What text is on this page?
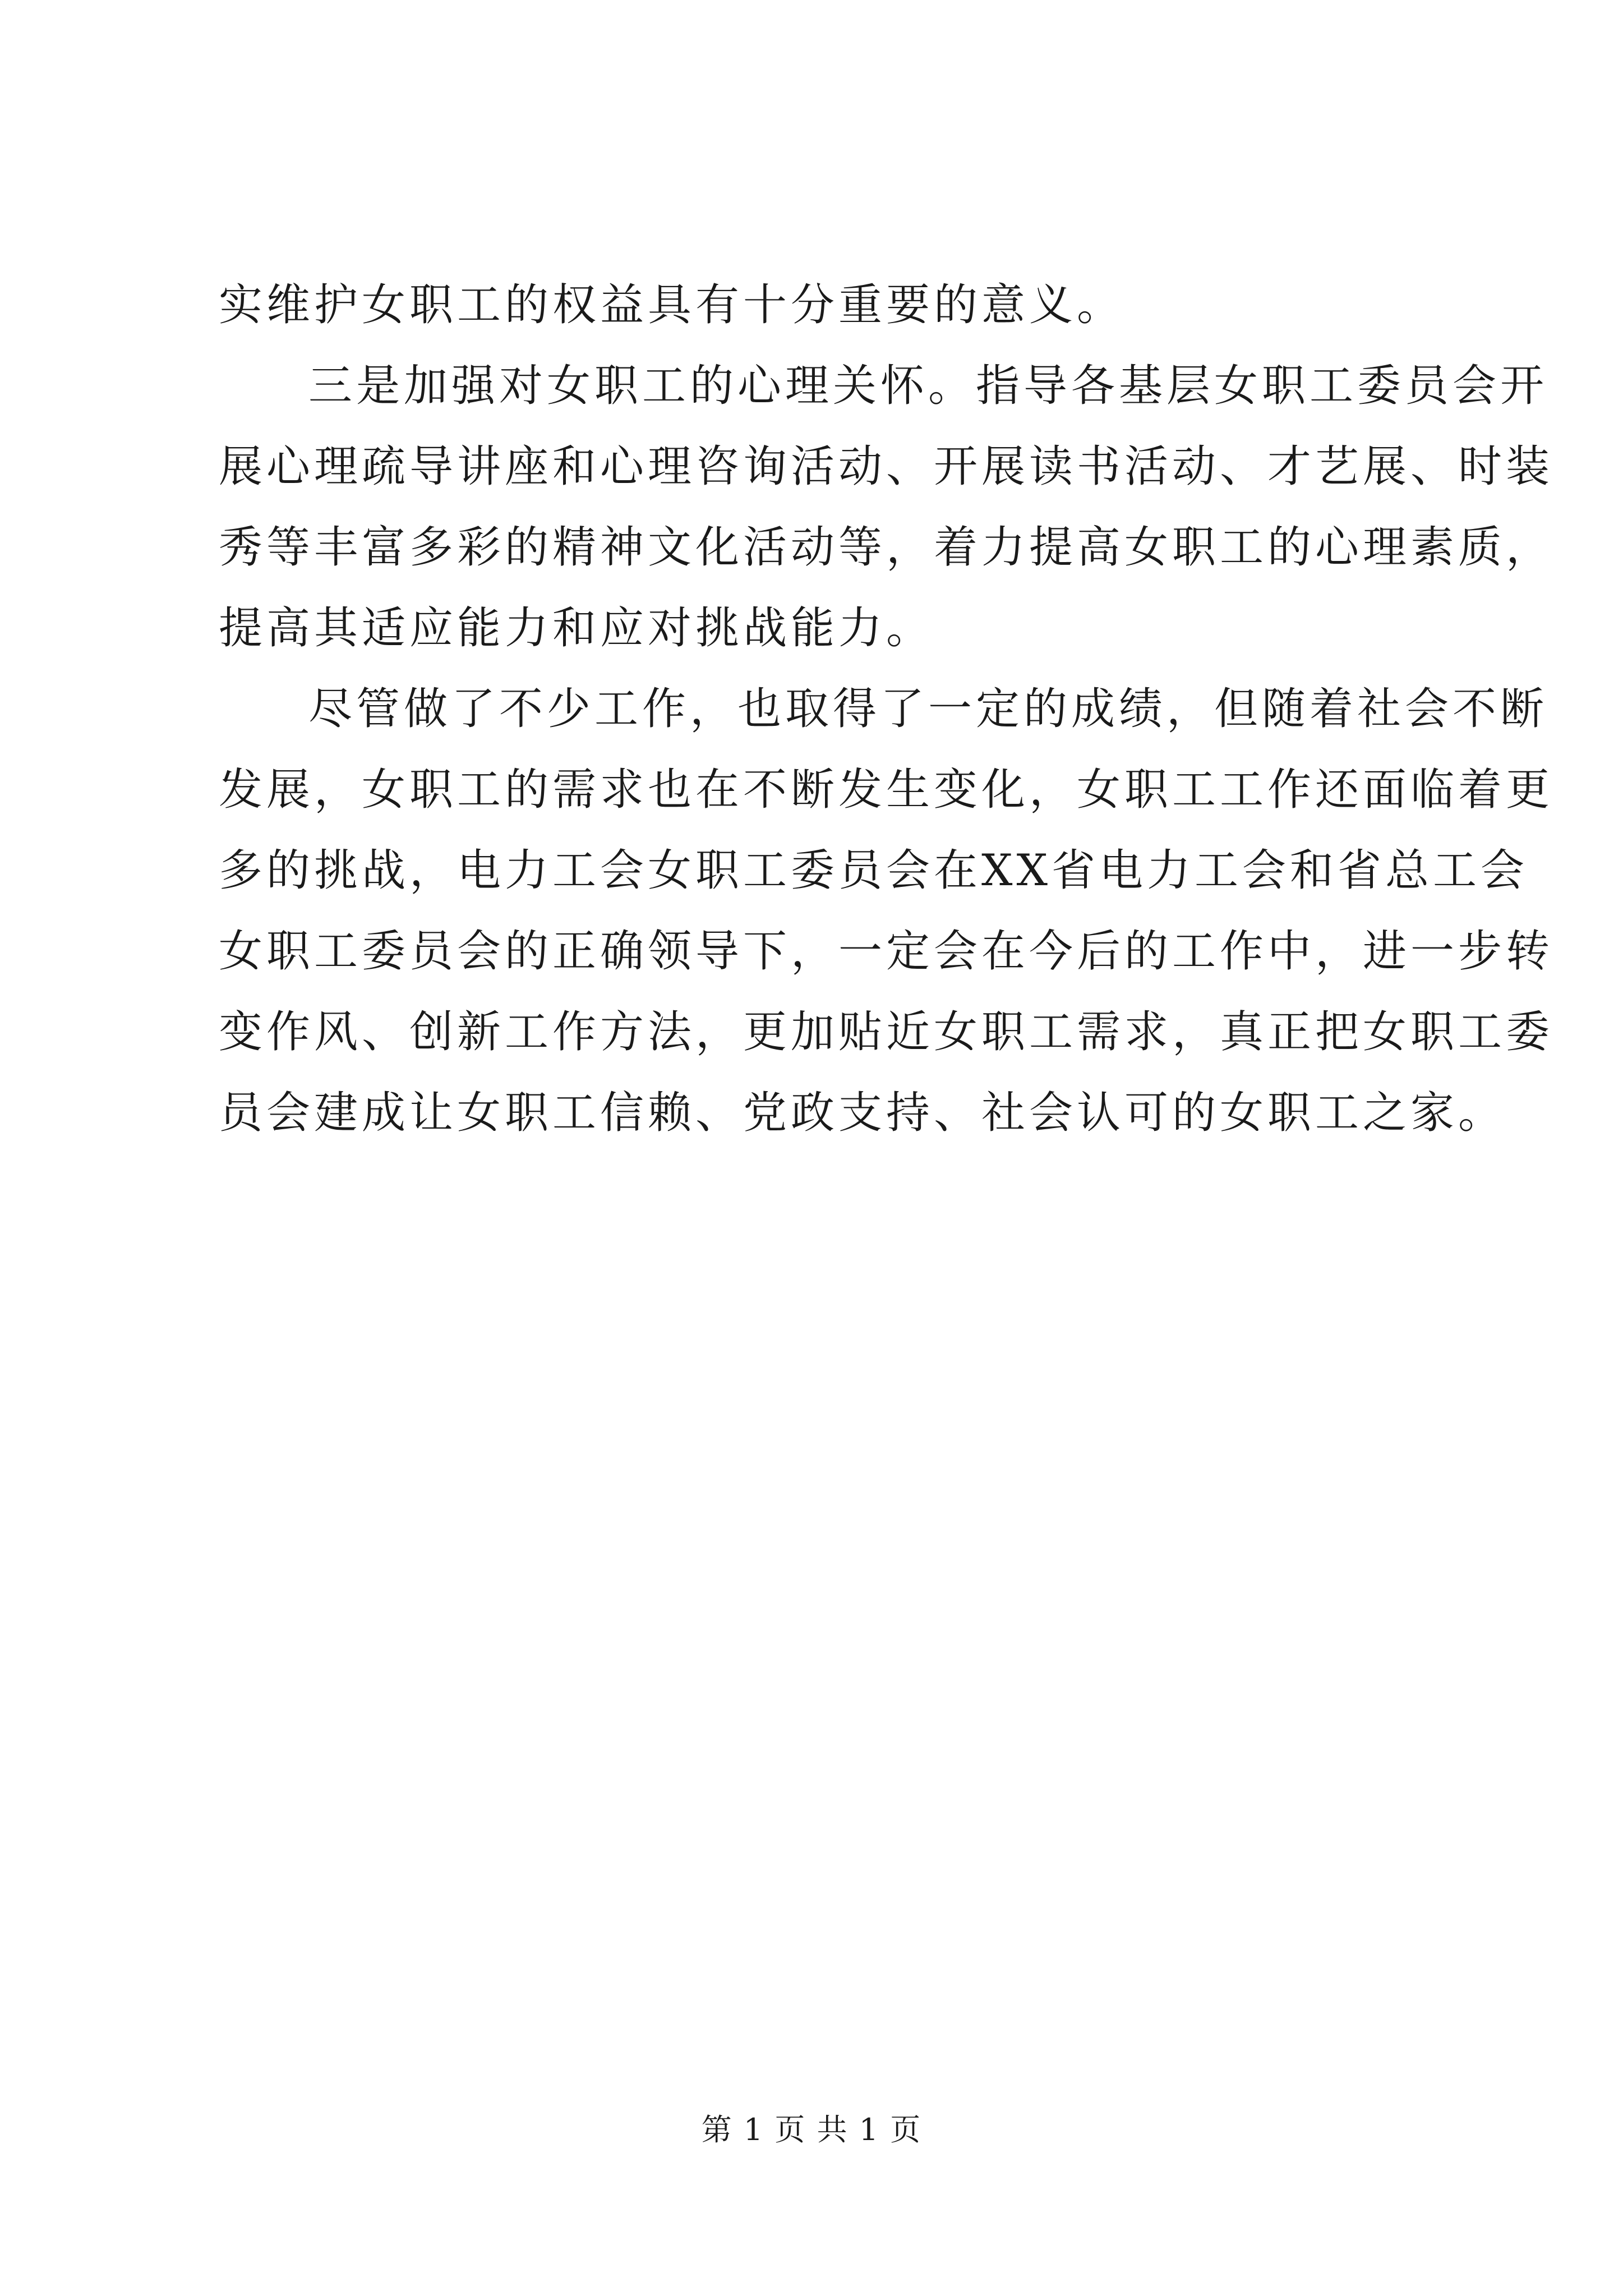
实维护女职工的权益具有十分重要的意义。
三是加强对女职工的心理关怀。指导各基层女职工委员会开
展心理疏导讲座和心理咨询活动、开展读书活动、才艺展、时装
秀等丰富多彩的精神文化活动等，着力提高女职工的心理素质，
提高其适应能力和应对挑战能力。
尽管做了不少工作，也取得了一定的成绩，但随着社会不断
发展，女职工的需求也在不断发生变化，女职工工作还面临着更
多的挑战，电力工会女职工委员会在XX省电力工会和省总工会
女职工委员会的正确领导下，一定会在今后的工作中，进一步转
变作风、创新工作方法，更加贴近女职工需求，真正把女职工委
员会建成让女职工信赖、党政支持、社会认可的女职工之家。
第 1 页 共 1 页
